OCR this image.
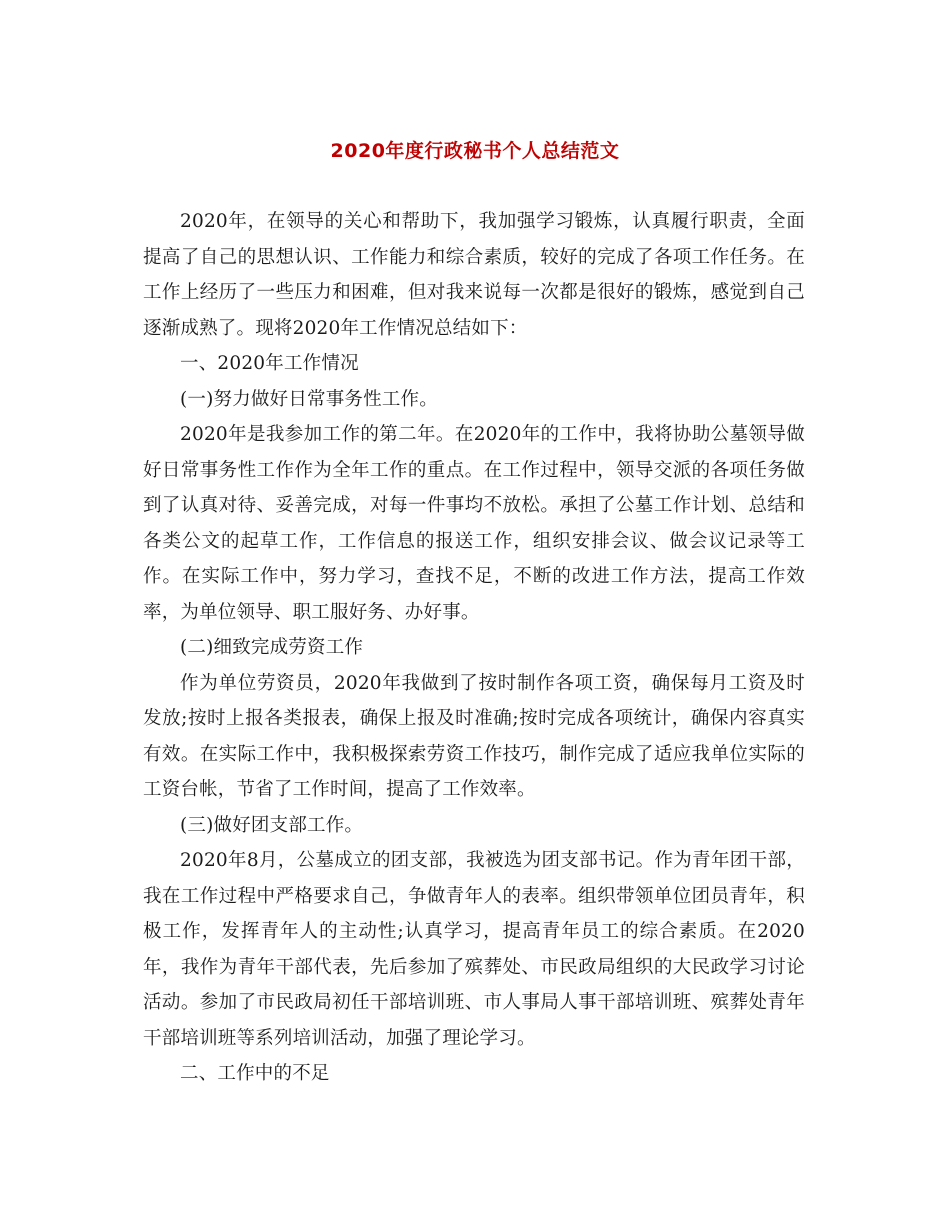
2020年度行政秘书个人总结范文

2020年，在领导的关心和帮助下，我加强学习锻炼，认真履行职责，全面提高了自己的思想认识、工作能力和综合素质，较好的完成了各项工作任务。在工作上经历了一些压力和困难，但对我来说每一次都是很好的锻炼，感觉到自己逐渐成熟了。现将2020年工作情况总结如下：

一、2020年工作情况

(一)努力做好日常事务性工作。

2020年是我参加工作的第二年。在2020年的工作中，我将协助公墓领导做好日常事务性工作作为全年工作的重点。在工作过程中，领导交派的各项任务做到了认真对待、妥善完成，对每一件事均不放松。承担了公墓工作计划、总结和各类公文的起草工作，工作信息的报送工作，组织安排会议、做会议记录等工作。在实际工作中，努力学习，查找不足，不断的改进工作方法，提高工作效率，为单位领导、职工服好务、办好事。

(二)细致完成劳资工作

作为单位劳资员，2020年我做到了按时制作各项工资，确保每月工资及时发放;按时上报各类报表，确保上报及时准确;按时完成各项统计，确保内容真实有效。在实际工作中，我积极探索劳资工作技巧，制作完成了适应我单位实际的工资台帐，节省了工作时间，提高了工作效率。

(三)做好团支部工作。

2020年8月，公墓成立的团支部，我被选为团支部书记。作为青年团干部，我在工作过程中严格要求自己，争做青年人的表率。组织带领单位团员青年，积极工作，发挥青年人的主动性;认真学习，提高青年员工的综合素质。在2020年，我作为青年干部代表，先后参加了殡葬处、市民政局组织的大民政学习讨论活动。参加了市民政局初任干部培训班、市人事局人事干部培训班、殡葬处青年干部培训班等系列培训活动，加强了理论学习。

二、工作中的不足
